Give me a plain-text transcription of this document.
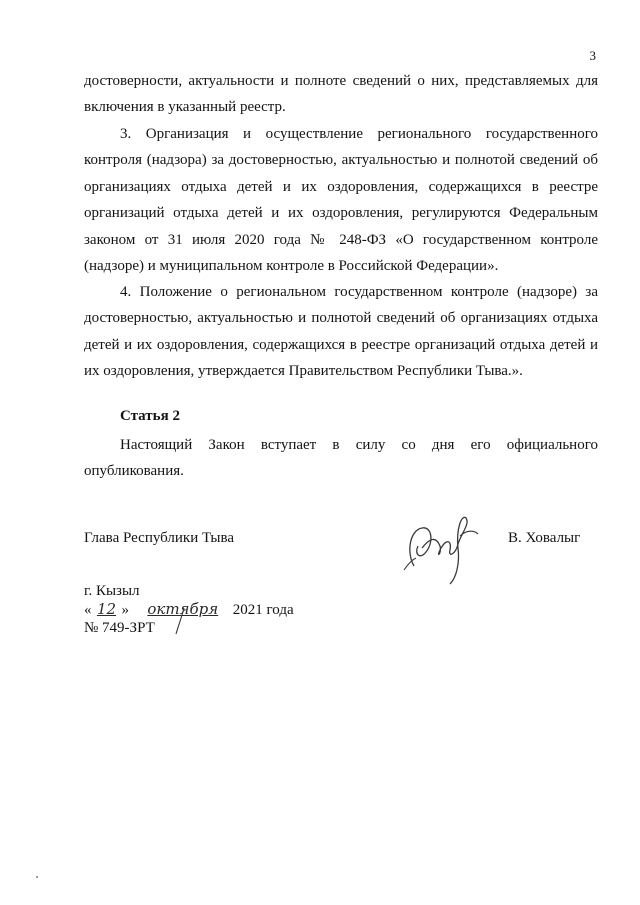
3

достоверности, актуальности и полноте сведений о них, представляемых для включения в указанный реестр.

3. Организация и осуществление регионального государственного контроля (надзора) за достоверностью, актуальностью и полнотой сведений об организациях отдыха детей и их оздоровления, содержащихся в реестре организаций отдыха детей и их оздоровления, регулируются Федеральным законом от 31 июля 2020 года № 248-ФЗ «О государственном контроле (надзоре) и муниципальном контроле в Российской Федерации».

4. Положение о региональном государственном контроле (надзоре) за достоверностью, актуальностью и полнотой сведений об организациях отдыха детей и их оздоровления, содержащихся в реестре организаций отдыха детей и их оздоровления, утверждается Правительством Республики Тыва.».

Статья 2

Настоящий Закон вступает в силу со дня его официального опубликования.

Глава Республики Тыва	В. Ховалыг
г. Кызыл
« 12 » октября 2021 года
№ 749-ЗРТ
